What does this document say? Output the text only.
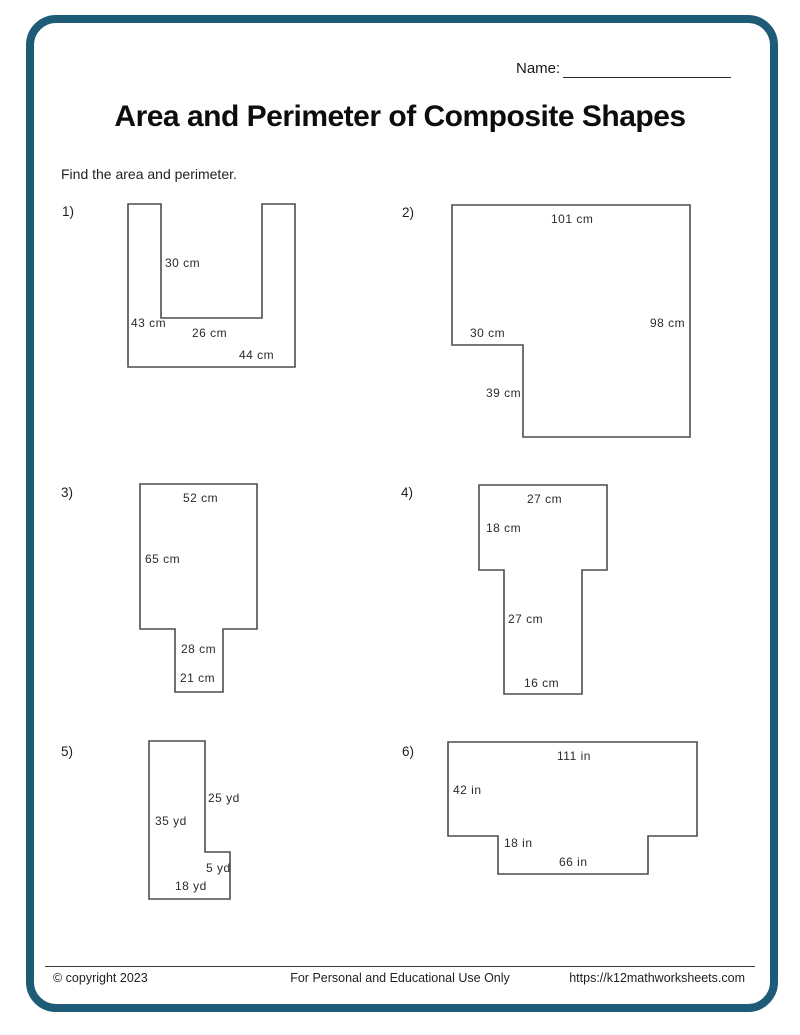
Name:
Area and Perimeter of Composite Shapes
Find the area and perimeter.
1)
30 cm
43 cm
26 cm
44 cm
2)	101 cm
98 cm
30 cm
39 cm
3)	52 cm
65 cm
28 cm
21 cm
4)	27 cm
18 cm
27 cm
16 cm
5)
25 yd
35 yd
5 yd
18 yd
6)	111 in
42 in
18 in
66 in
© copyright 2023	For Personal and Educational Use Only	https://k12mathworksheets.com
